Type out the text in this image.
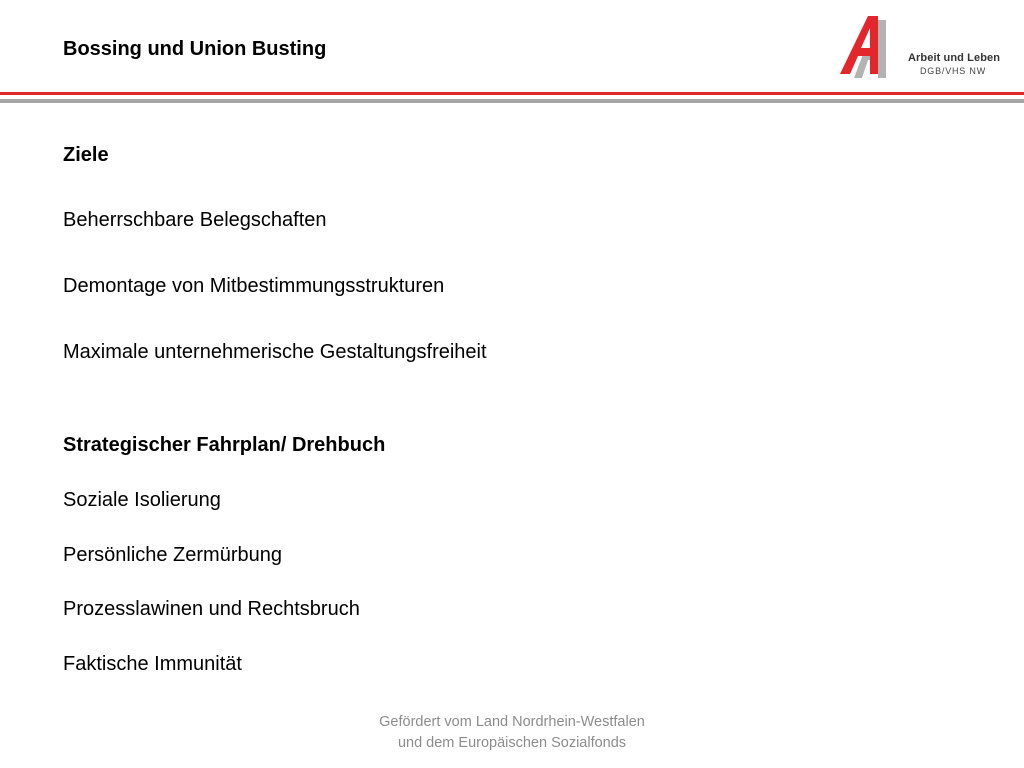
Bossing und Union Busting	Arbeit und Leben
DGB/VHS NW
Ziele
Beherrschbare Belegschaften
Demontage von Mitbestimmungsstrukturen
Maximale unternehmerische Gestaltungsfreiheit
Strategischer Fahrplan/ Drehbuch
Soziale Isolierung
Persönliche Zermürbung
Prozesslawinen und Rechtsbruch
Faktische Immunität
Gefördert vom Land Nordrhein-Westfalen
und dem Europäischen Sozialfonds
